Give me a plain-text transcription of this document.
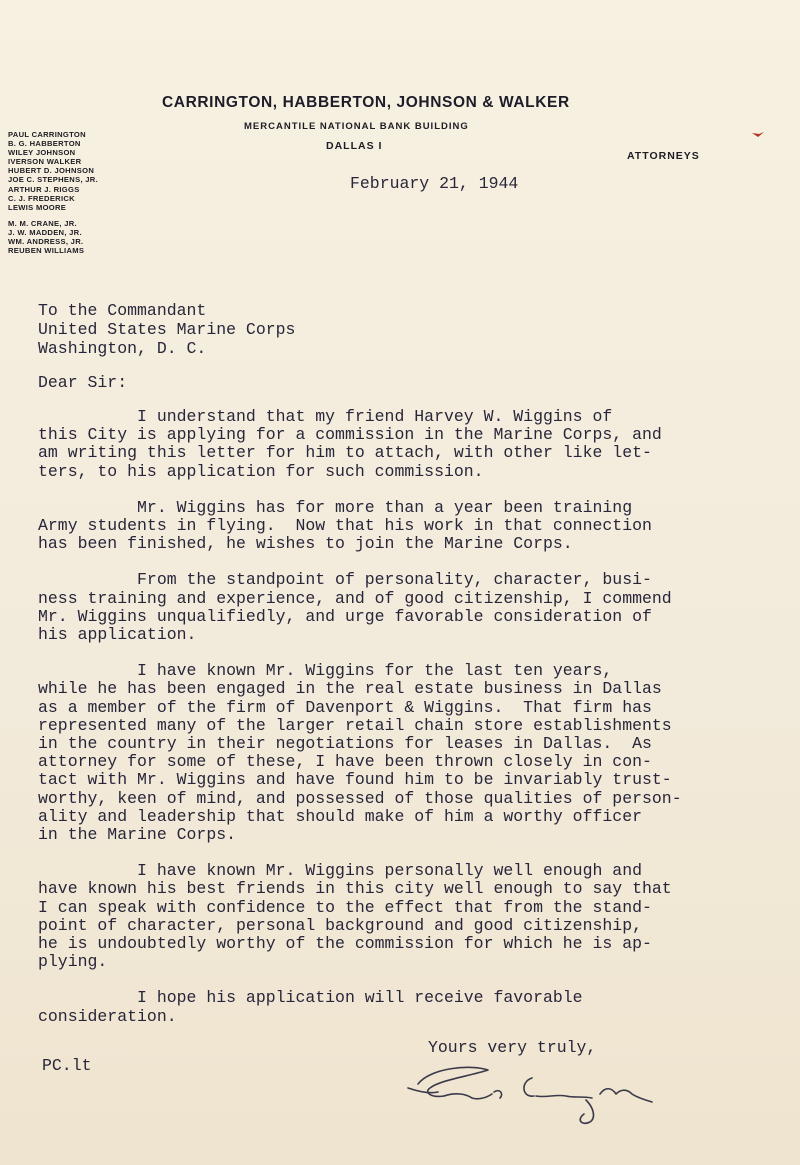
CARRINGTON, HABBERTON, JOHNSON & WALKER
MERCANTILE NATIONAL BANK BUILDING
DALLAS I
ATTORNEYS
PAUL CARRINGTON
B. G. HABBERTON
WILEY JOHNSON
IVERSON WALKER
HUBERT D. JOHNSON
JOE C. STEPHENS, JR.
ARTHUR J. RIGGS
C. J. FREDERICK
LEWIS MOORE
M. M. CRANE, JR.
J. W. MADDEN, JR.
WM. ANDRESS, JR.
REUBEN WILLIAMS
February 21, 1944
To the Commandant
United States Marine Corps
Washington, D. C.
Dear Sir:
I understand that my friend Harvey W. Wiggins of
this City is applying for a commission in the Marine Corps, and
am writing this letter for him to attach, with other like let-
ters, to his application for such commission.
Mr. Wiggins has for more than a year been training
Army students in flying.  Now that his work in that connection
has been finished, he wishes to join the Marine Corps.
From the standpoint of personality, character, busi-
ness training and experience, and of good citizenship, I commend
Mr. Wiggins unqualifiedly, and urge favorable consideration of
his application.
I have known Mr. Wiggins for the last ten years,
while he has been engaged in the real estate business in Dallas
as a member of the firm of Davenport & Wiggins.  That firm has
represented many of the larger retail chain store establishments
in the country in their negotiations for leases in Dallas.  As
attorney for some of these, I have been thrown closely in con-
tact with Mr. Wiggins and have found him to be invariably trust-
worthy, keen of mind, and possessed of those qualities of person-
ality and leadership that should make of him a worthy officer
in the Marine Corps.
I have known Mr. Wiggins personally well enough and
have known his best friends in this city well enough to say that
I can speak with confidence to the effect that from the stand-
point of character, personal background and good citizenship,
he is undoubtedly worthy of the commission for which he is ap-
plying.
I hope his application will receive favorable
consideration.
Yours very truly,
PC.lt
